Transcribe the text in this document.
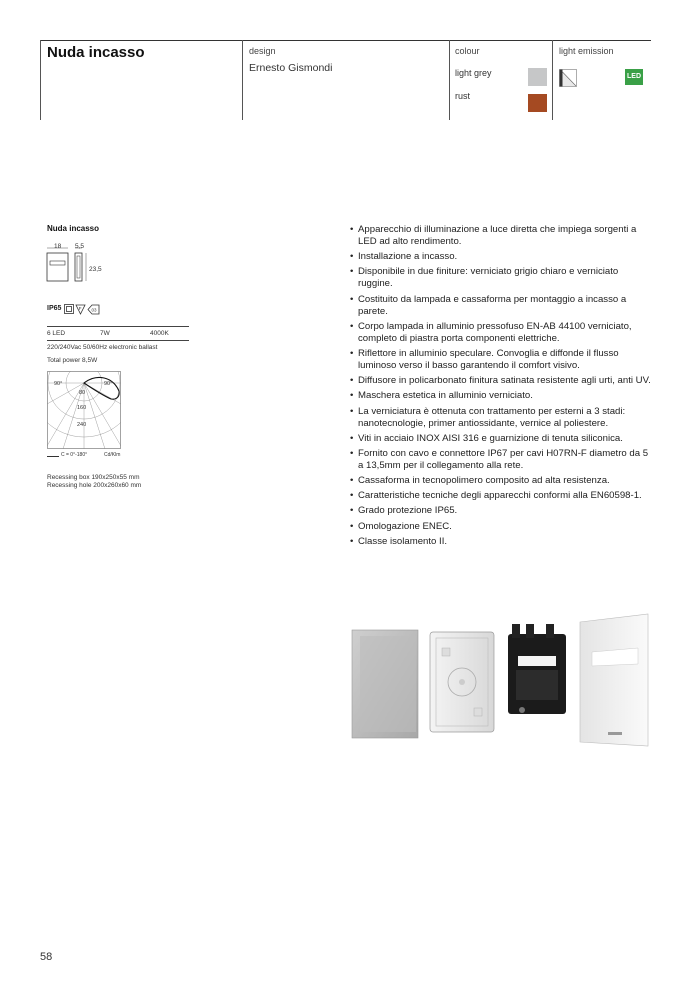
Nuda incasso	design
Ernesto Gismondi
colour
light grey
rust
light emission
LED
Nuda incasso
18 5,5
23,5
IP65	F 03
6 LED	7W	4000K
220/240Vac 50/60Hz electronic ballast
Total power 8,5W
90°	90°
80
160
240
C = 0°-180°	Cd/Klm
Recessing box 190x250x55 mm
Recessing hole 200x260x60 mm
• Apparecchio di illuminazione a luce diretta che impiega sorgenti a LED ad alto rendimento.
• Installazione a incasso.
• Disponibile in due finiture: verniciato grigio chiaro e verniciato ruggine.
• Costituito da lampada e cassaforma per montaggio a incasso a parete.
• Corpo lampada in alluminio pressofuso EN-AB 44100 verniciato, completo di piastra porta componenti elettriche.
• Riflettore in alluminio speculare. Convoglia e diffonde il flusso luminoso verso il basso garantendo il comfort visivo.
• Diffusore in policarbonato finitura satinata resistente agli urti, anti UV.
• Maschera estetica in alluminio verniciato.
• La verniciatura è ottenuta con trattamento per esterni a 3 stadi: nanotecnologie, primer antiossidante, vernice al poliestere.
• Viti in acciaio INOX AISI 316 e guarnizione di tenuta siliconica.
• Fornito con cavo e connettore IP67 per cavi H07RN-F diametro da 5 a 13,5mm per il collegamento alla rete.
• Cassaforma in tecnopolimero composito ad alta resistenza.
• Caratteristiche tecniche degli apparecchi conformi alla EN60598-1.
• Grado protezione IP65.
• Omologazione ENEC.
• Classe isolamento II.
58
